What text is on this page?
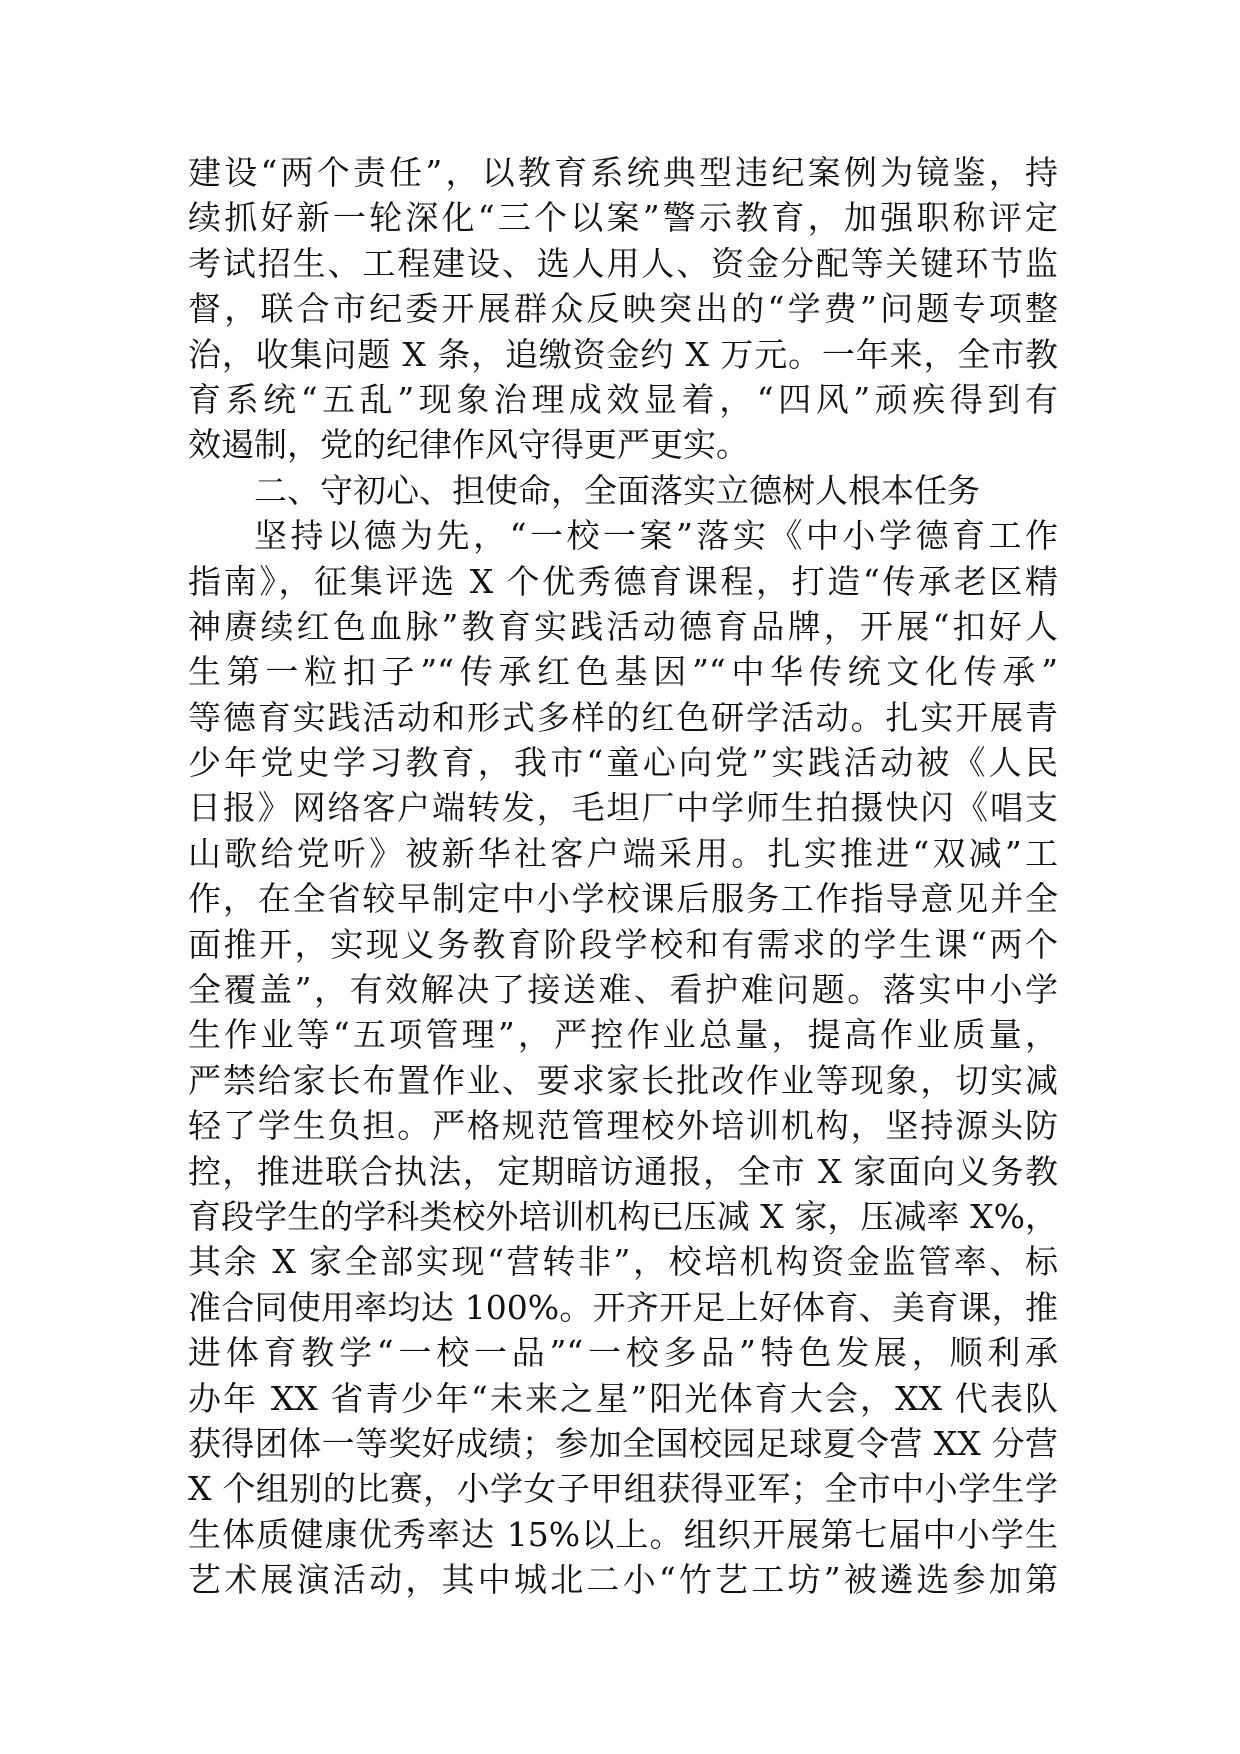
建设“两个责任”，以教育系统典型违纪案例为镜鉴，持
续抓好新一轮深化“三个以案”警示教育，加强职称评定
考试招生、工程建设、选人用人、资金分配等关键环节监
督，联合市纪委开展群众反映突出的“学费”问题专项整
治，收集问题 X 条，追缴资金约 X 万元。一年来，全市教
育系统“五乱”现象治理成效显着，“四风”顽疾得到有
效遏制，党的纪律作风守得更严更实。
二、守初心、担使命，全面落实立德树人根本任务
坚持以德为先，“一校一案”落实《中小学德育工作
指南》，征集评选 X 个优秀德育课程，打造“传承老区精
神赓续红色血脉”教育实践活动德育品牌，开展“扣好人
生第一粒扣子”“传承红色基因”“中华传统文化传承”
等德育实践活动和形式多样的红色研学活动。扎实开展青
少年党史学习教育，我市“童心向党”实践活动被《人民
日报》网络客户端转发，毛坦厂中学师生拍摄快闪《唱支
山歌给党听》被新华社客户端采用。扎实推进“双减”工
作，在全省较早制定中小学校课后服务工作指导意见并全
面推开，实现义务教育阶段学校和有需求的学生课“两个
全覆盖”，有效解决了接送难、看护难问题。落实中小学
生作业等“五项管理”，严控作业总量，提高作业质量，
严禁给家长布置作业、要求家长批改作业等现象，切实减
轻了学生负担。严格规范管理校外培训机构，坚持源头防
控，推进联合执法，定期暗访通报，全市 X 家面向义务教
育段学生的学科类校外培训机构已压减 X 家，压减率 X%，
其余 X 家全部实现“营转非”，校培机构资金监管率、标
准合同使用率均达 100%。开齐开足上好体育、美育课，推
进体育教学“一校一品”“一校多品”特色发展，顺利承
办年 XX 省青少年“未来之星”阳光体育大会，XX 代表队
获得团体一等奖好成绩；参加全国校园足球夏令营 XX 分营
X 个组别的比赛，小学女子甲组获得亚军；全市中小学生学
生体质健康优秀率达 15%以上。组织开展第七届中小学生
艺术展演活动，其中城北二小“竹艺工坊”被遴选参加第
